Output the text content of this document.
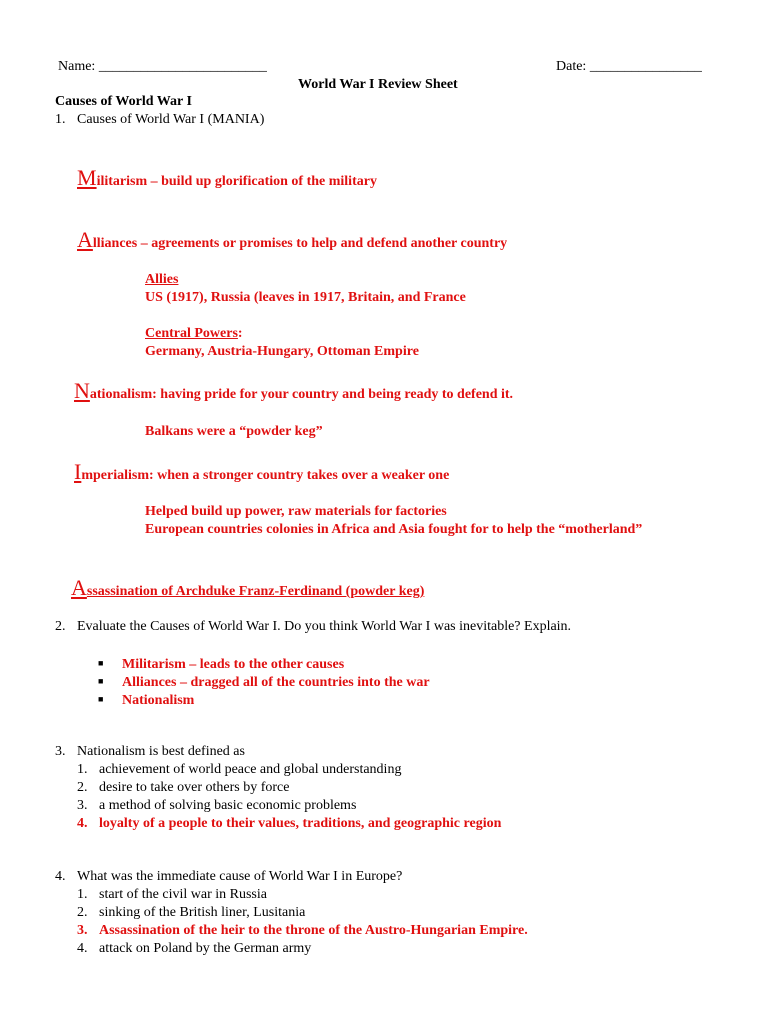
Name: ________________________	Date: ________________
World War I Review Sheet
Causes of World War I
1. Causes of World War I (MANIA)
Militarism – build up glorification of the military
Alliances – agreements or promises to help and defend another country
Allies
US (1917), Russia (leaves in 1917, Britain, and France
Central Powers:
Germany, Austria-Hungary, Ottoman Empire
Nationalism: having pride for your country and being ready to defend it.
Balkans were a “powder keg”
Imperialism: when a stronger country takes over a weaker one
Helped build up power, raw materials for factories
European countries colonies in Africa and Asia fought for to help the “motherland”
Assassination of Archduke Franz-Ferdinand (powder keg)
2. Evaluate the Causes of World War I. Do you think World War I was inevitable? Explain.
■ Militarism – leads to the other causes
■ Alliances – dragged all of the countries into the war
■ Nationalism
3. Nationalism is best defined as
1. achievement of world peace and global understanding
2. desire to take over others by force
3. a method of solving basic economic problems
4. loyalty of a people to their values, traditions, and geographic region
4. What was the immediate cause of World War I in Europe?
1. start of the civil war in Russia
2. sinking of the British liner, Lusitania
3. Assassination of the heir to the throne of the Austro-Hungarian Empire.
4. attack on Poland by the German army
